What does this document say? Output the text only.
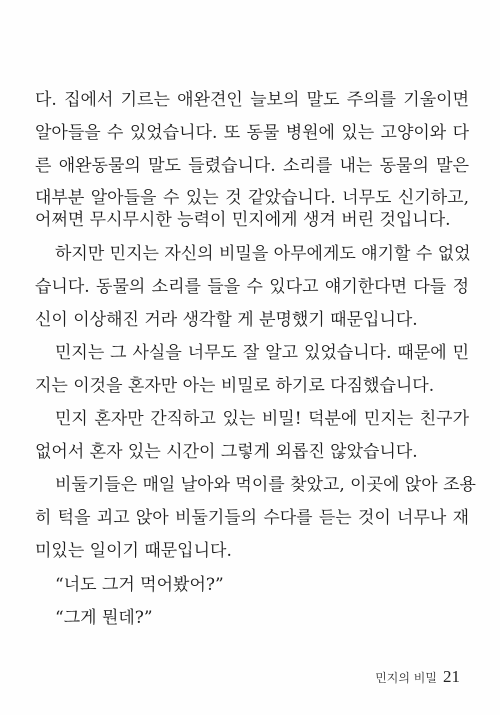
다. 집에서 기르는 애완견인 늘보의 말도 주의를 기울이면
알아들을 수 있었습니다. 또 동물 병원에 있는 고양이와 다
른 애완동물의 말도 들렸습니다. 소리를 내는 동물의 말은
대부분 알아들을 수 있는 것 같았습니다. 너무도 신기하고,
어쩌면 무시무시한 능력이 민지에게 생겨 버린 것입니다.
하지만 민지는 자신의 비밀을 아무에게도 얘기할 수 없었
습니다. 동물의 소리를 들을 수 있다고 얘기한다면 다들 정
신이 이상해진 거라 생각할 게 분명했기 때문입니다.
민지는 그 사실을 너무도 잘 알고 있었습니다. 때문에 민
지는 이것을 혼자만 아는 비밀로 하기로 다짐했습니다.
민지 혼자만 간직하고 있는 비밀! 덕분에 민지는 친구가
없어서 혼자 있는 시간이 그렇게 외롭진 않았습니다.
비둘기들은 매일 날아와 먹이를 찾았고, 이곳에 앉아 조용
히 턱을 괴고 앉아 비둘기들의 수다를 듣는 것이 너무나 재
미있는 일이기 때문입니다.
“너도 그거 먹어봤어?”
“그게 뭔데?”
민지의 비밀 21
